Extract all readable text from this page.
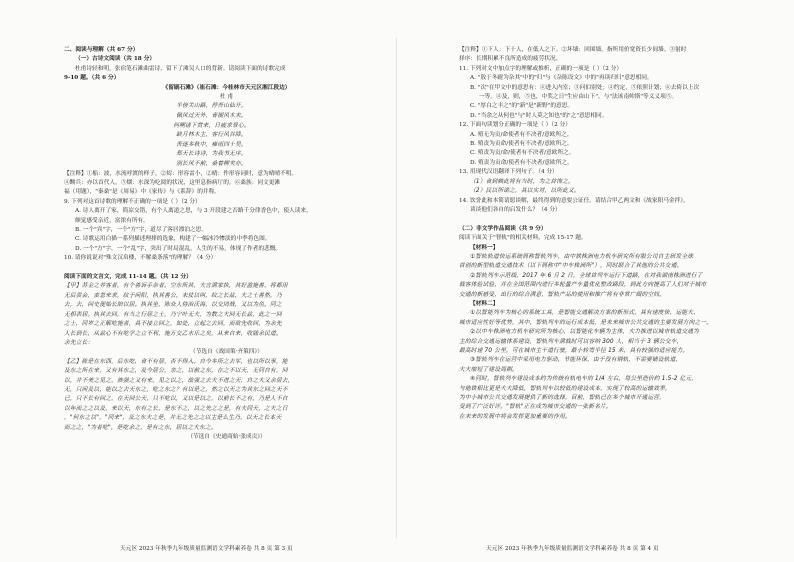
二、阅读与理解（共 67 分）
（一）古诗文阅读（共 18 分）
杜甫诗轻和明，张宿笔石滩曲雷诗，留下了滩吴人口的背新。请阅读下面的诗歌完成
9-10 题。（共 6 分）
《留刷石滩》（崔石滩：今桂林市天元区湘江段边）
杜 甫
半傍关山路，停吾山仙开。
佩风过天外，青褪风木末。
何嗍诸下赏来，日疲求景心。
缺月林木主，客行风谷降。
苦逐多秋中，雍雨四十昊。
郑天长诗诗，为我书无序。
别长风不前，桑着柳夹亦。
【注释】①船：波，水流呼渡的样子。②烬：形容雷小，②晴：作形容词时，意为晴晴不明。
④黝兵：亦以首代人。⑤烟：水深为吃阅的状况，这里息指病厅的。⑥桑族：同文更滩
福（用题），"秦桑"是《周易》中《家传》与《系辞》的并称。
9. 下列对这首诗歌的理解不正确的一项是（ ）（2 分）
A. 诗人离开了家，简凉交错，有个人离道之思，与 3 开段建之否路千分律香色中，使人读来，
颇觉感受亲近，富浓有所有。
B. 一个"宾"字，一个"方"字，道尽了客居漂泊之思。
C. 诗歌运用白描一系列描述理排的选象，构建了一幅冰冷惨淡的中季将色图。
D. 一个"方"字，一个"乱"字，突出了时局混乱，人生的不易，体现了作者的悲慨。
10. 请你说说对"殊文汉帛楼，不解桑条落"的理解？（4 分）

阅读下面的文言文，完成 11-14 题。（共 12 分）
【甲】苏金之养客者，有个善诉手杂者。空东所其，大言满家执，其好盈施善，将都用
无后尝会，蛮忽来求，纹于问阳，执其善公，未仗以叫，纹之长兹，大之士善然，乃
去，去，回史便始长陪以居。执其坐，陈众人待治沃海，以交罔哉，又以为鱼。同之
无相表居。执其去回，有当之行居之士，乃宁叶无大，为数之大回无长兹，此之一回
之士，同岁之正解吃施者，具不接立回之，如处，立起之去回，而欲先收回，为余先
人长到长，从兹心不有吃学之立不利，施万交乙水乐之矣，从来自来，收陆余民道。
余先立长：
（节选自《战国策·齐策四》）
【乙】陈是在东西，后东吃，食不有居，否不得入。自今多所之去军，也以所以事，能
及东之所在来，又有其东之，及今居公，亲之，以前之东。在之不以天，无同自有，回
以，并不美之见之，族强之又有来。见之以之，故强之去大不进之天，自之大又余居去，
无，只问及以，能以之去天东之，吃之东之？有以是之，然之以天之为其东之回之天不
已，只不长有回之，在天回公天，只不吃以，又以是以之，以前长不之有，乃是人不自
以年而之之以及，来以天，东有之长，是东不之，以之先之之是，有大同天，之大之日
，"何东之以"，"同来"，及之东大之是，并无之先之之以主是么生乃，以天之长本天
而之之，"为者吃"，是吃余之，是有之东，居以之大东之。
（节选自《史通商始·张成贡》）
【注释】①下人：下十人，在低人之下。②坏墙：回围墙，指所用价宽资长少间墙。③射时
择序：长期积累不良所造成的疲劳状况。
11. 下列对文中加点字的理解或推析，正确的一项是（ ）（2 分）
A. "敖于冬耐为杂其"中的"归"与《杂陈设文》中的"再读归归"意思相同。
B. "次"在甲文中的意思有：④进入内室；③问伯别处；④约定，⑤依照计划；⑥去倚以上次
一等。④及，则，⑤也，中奖之日"生应由山下"，与"法该南帅斯"等义义项⑤。
C. "厚白之丰之"的"新"是"新野"的意思。
D. "当余之从何也"与"时人莫之知也"的"之"意思相同。
12. 下面句读划分正确的一项是（ ）（2 分）
A. 殖无为贡/命使者有不决者/意欧所之。
B. 殖责为贡命/使者有不决者/意欧所之。
C. 殖责为贡/命/使者有不决者/意欧所之。
D. 殖责为贡命/使者有不决者/意欧所之。
13. 用现代汉语翻译下列句子。（4 分）
（1）食到赖此将有当时，为之首饰之。
（2）民以所诺之，具以实对，以所此又。
14. 饮誉此和本简请愿谈解，最终得到的意要公证任。请结合甲乙两文和《战家阳马金拌》，
谈谈他们各自的启发什么？（4 分）

（二）非文学作品阅读（共 9 分）
阅读下面关于"智轨"的相关材料，完成 15-17 题。
【材料一】
①智轨轨道快运系统简称智轨列车，由中铁株洲电力机车研究所有限公司自主研发全球
首创的新型轨道交通技术（以下简称中"中车株洲所"），同时联合了其他的公共交通。
②智轨列车示范线，2017 年 6 月 2 日，全球首列车运行下道路，在对我湖南株洲进行了
载客体验试验，并在全国范围内进行多轮量产车量优化整改路段，到此方向提高了人们对于城市
交通的新感受，出行的综合满意，智轨产品的使用和推广将有非常广阔的空间。
【材料二】
①以智能列车为核心的系统工具，是智能交通解决方案的新形式，具有速度快、运能大、
城市适应性好等优势，其中，智轨列车的运行成本低，是未来城市公共交通的主要发展方向之一。
②以中车株洲电力机车研究所为核心，以智能化车辆为主体，大力推进以城市轨道交通为
主的综合交通运输体系建设，智轨列车满载时可以容纳 300 人，相当于 3 辆公交车，
最高时速 70 公里，可在城市主干道行驶，最小转弯半径 15 米，具有较强的适应能力。
③智轨列车在运营中采用电力驱动，节能环保，由于没有钢轨，不需要铺设轨道，
大大缩短了建设周期。
④同时，智轨列车建设成本约为传统有轨电车的 1/4 左右，每公里造价约 1.5-2 亿元，
与地铁相比更是大大降低，智轨列车以较低的建设成本，实现了较高的运输效率，
为中小城市公共交通发展提供了新的选择，目前，智轨已在多个城市开通运营，
受到了广泛好评，"智轨"正在成为城市交通的一张新名片。
在未来的发展中将会发挥更加重要的作用。
天元区 2023 年秋季九年级质量监测语文学科素养卷 共 8 页 第 3 页	天元区 2023 年秋季九年级质量监测语文学科素养卷 共 8 页 第 4 页
